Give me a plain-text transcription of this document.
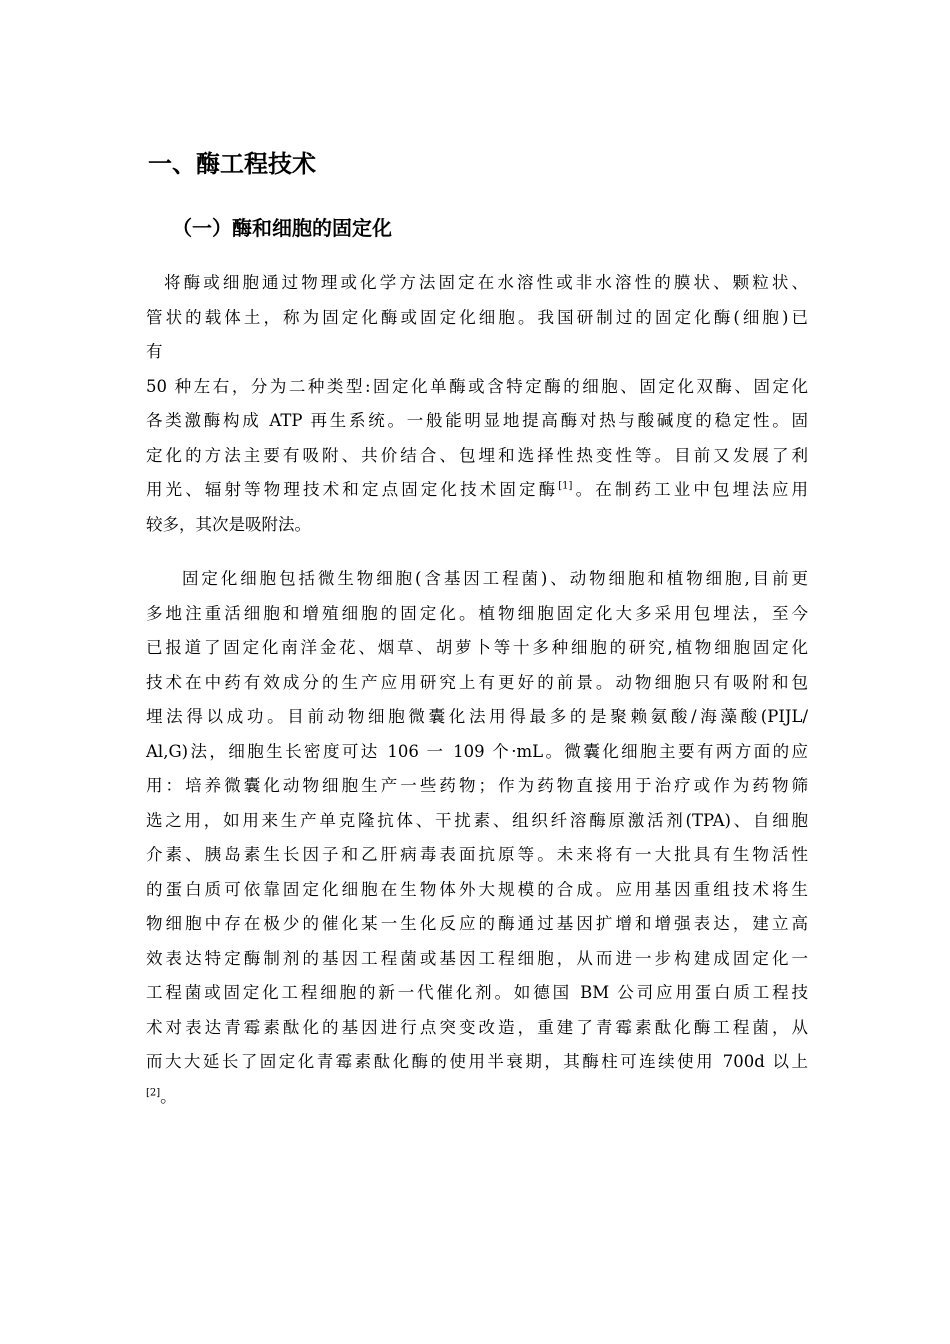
一、酶工程技术
（一）酶和细胞的固定化
将酶或细胞通过物理或化学方法固定在水溶性或非水溶性的膜状、颗粒状、
管状的载体土，称为固定化酶或固定化细胞。我国研制过的固定化酶(细胞)已
有
50 种左右，分为二种类型:固定化单酶或含特定酶的细胞、固定化双酶、固定化
各类激酶构成 ATP 再生系统。一般能明显地提高酶对热与酸碱度的稳定性。固
定化的方法主要有吸附、共价结合、包埋和选择性热变性等。目前又发展了利
用光、辐射等物理技术和定点固定化技术固定酶[1]。在制药工业中包埋法应用
较多，其次是吸附法。
固定化细胞包括微生物细胞(含基因工程菌)、动物细胞和植物细胞,目前更
多地注重活细胞和增殖细胞的固定化。植物细胞固定化大多采用包埋法，至今
已报道了固定化南洋金花、烟草、胡萝卜等十多种细胞的研究,植物细胞固定化
技术在中药有效成分的生产应用研究上有更好的前景。动物细胞只有吸附和包
埋法得以成功。目前动物细胞微囊化法用得最多的是聚赖氨酸/海藻酸(PIJL/
Al,G)法，细胞生长密度可达 106 一 109 个·mL。微囊化细胞主要有两方面的应
用：培养微囊化动物细胞生产一些药物；作为药物直接用于治疗或作为药物筛
选之用，如用来生产单克隆抗体、干扰素、组织纤溶酶原激活剂(TPA)、自细胞
介素、胰岛素生长因子和乙肝病毒表面抗原等。未来将有一大批具有生物活性
的蛋白质可依靠固定化细胞在生物体外大规模的合成。应用基因重组技术将生
物细胞中存在极少的催化某一生化反应的酶通过基因扩增和增强表达，建立高
效表达特定酶制剂的基因工程菌或基因工程细胞，从而进一步构建成固定化一
工程菌或固定化工程细胞的新一代催化剂。如德国 BM 公司应用蛋白质工程技
术对表达青霉素酞化的基因进行点突变改造，重建了青霉素酞化酶工程菌，从
而大大延长了固定化青霉素酞化酶的使用半衰期，其酶柱可连续使用 700d 以上
[2]。
